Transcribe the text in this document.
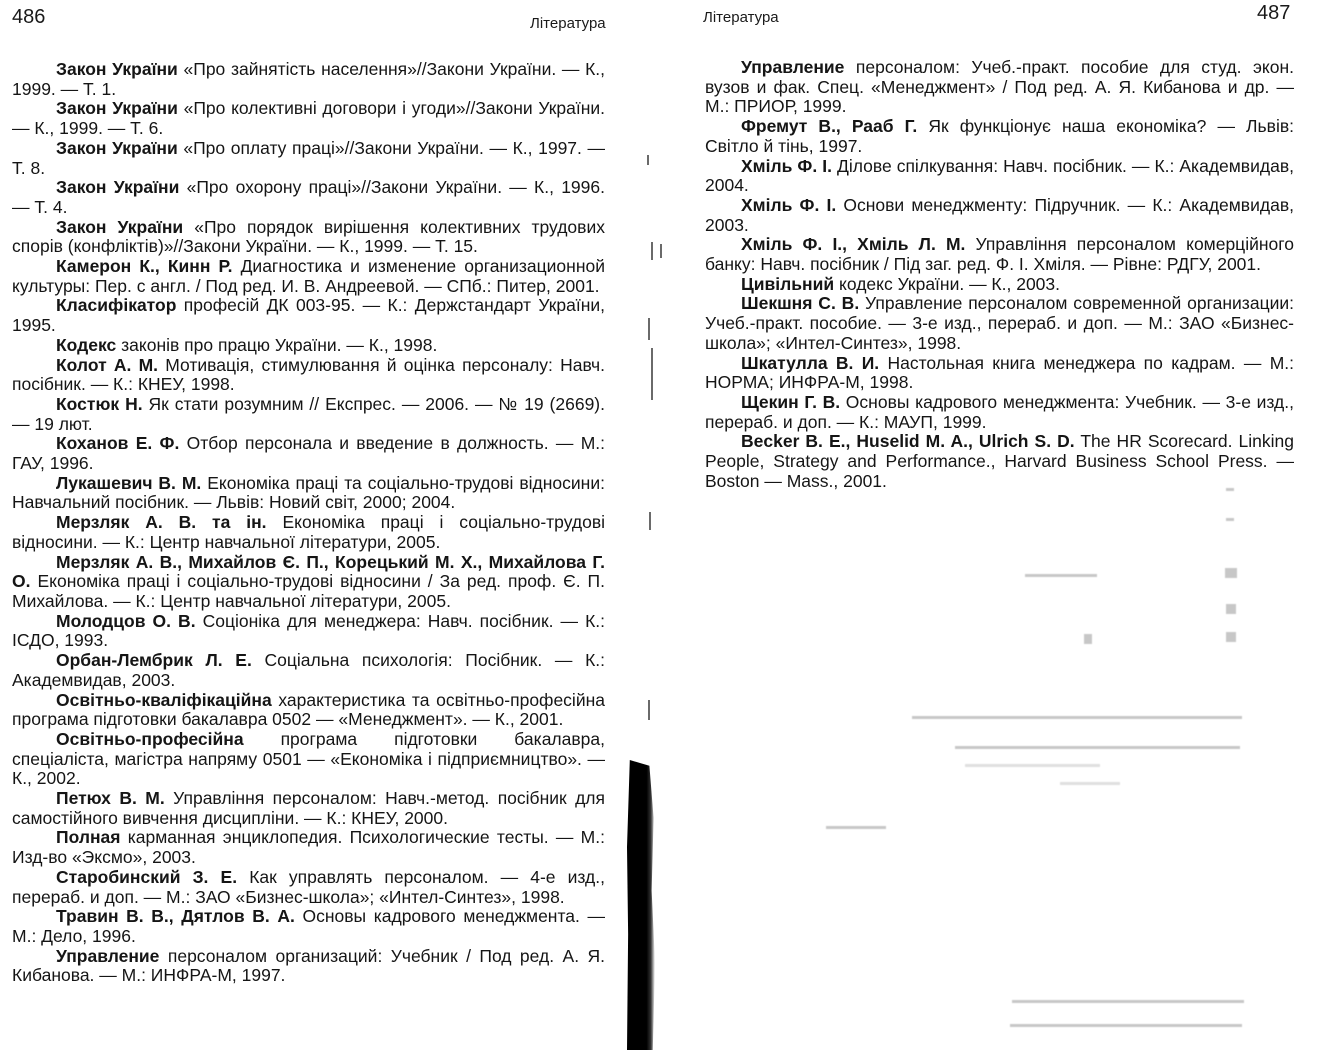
486	Література

Закон України «Про зайнятість населення»//Закони України. — К., 1999. — Т. 1.

Закон України «Про колективні договори і угоди»//Закони України. — К., 1999. — Т. 6.

Закон України «Про оплату праці»//Закони України. — К., 1997. — Т. 8.

Закон України «Про охорону праці»//Закони України. — К., 1996. — Т. 4.

Закон України «Про порядок вирішення колективних трудових спорів (конфліктів)»//Закони України. — К., 1999. — Т. 15.

Камерон К., Кинн Р. Диагностика и изменение организационной культуры: Пер. с англ. / Под ред. И. В. Андреевой. — СПб.: Питер, 2001.

Класифікатор професій ДК 003-95. — К.: Держстандарт України, 1995.

Кодекс законів про працю України. — К., 1998.

Колот А. М. Мотивація, стимулювання й оцінка персоналу: Навч. посібник. — К.: КНЕУ, 1998.

Костюк Н. Як стати розумним // Експрес. — 2006. — № 19 (2669). — 19 лют.

Коханов Е. Ф. Отбор персонала и введение в должность. — М.: ГАУ, 1996.

Лукашевич В. М. Економіка праці та соціально-трудові відносини: Навчальний посібник. — Львів: Новий світ, 2000; 2004.

Мерзляк А. В. та ін. Економіка праці і соціально-трудові відносини. — К.: Центр навчальної літератури, 2005.

Мерзляк А. В., Михайлов Є. П., Корецький М. Х., Михайлова Г. О. Економіка праці і соціально-трудові відносини / За ред. проф. Є. П. Михайлова. — К.: Центр навчальної літератури, 2005.

Молодцов О. В. Соціоніка для менеджера: Навч. посібник. — К.: ІСДО, 1993.

Орбан-Лембрик Л. Е. Соціальна психологія: Посібник. — К.: Академвидав, 2003.

Освітньо-кваліфікаційна характеристика та освітньо-професійна програма підготовки бакалавра 0502 — «Менеджмент». — К., 2001.

Освітньо-професійна програма підготовки бакалавра, спеціаліста, магістра напряму 0501 — «Економіка і підприємництво». — К., 2002.

Петюх В. М. Управління персоналом: Навч.-метод. посібник для самостійного вивчення дисципліни. — К.: КНЕУ, 2000.

Полная карманная энциклопедия. Психологические тесты. — М.: Изд-во «Эксмо», 2003.

Старобинский З. Е. Как управлять персоналом. — 4-е изд., перераб. и доп. — М.: ЗАО «Бизнес-школа»; «Интел-Синтез», 1998.

Травин В. В., Дятлов В. А. Основы кадрового менеджмента. — М.: Дело, 1996.

Управление персоналом организаций: Учебник / Под ред. А. Я. Кибанова. — М.: ИНФРА-М, 1997.

Література	487

Управление персоналом: Учеб.-практ. пособие для студ. экон. вузов и фак. Спец. «Менеджмент» / Под ред. А. Я. Кибанова и др. — М.: ПРИОР, 1999.

Фремут В., Рааб Г. Як функціонує наша економіка? — Львів: Світло й тінь, 1997.

Хміль Ф. І. Ділове спілкування: Навч. посібник. — К.: Академвидав, 2004.

Хміль Ф. І. Основи менеджменту: Підручник. — К.: Академвидав, 2003.

Хміль Ф. І., Хміль Л. М. Управління персоналом комерційного банку: Навч. посібник / Під заг. ред. Ф. І. Хміля. — Рівне: РДГУ, 2001.

Цивільний кодекс України. — К., 2003.

Шекшня С. В. Управление персоналом современной организации: Учеб.-практ. пособие. — 3-е изд., перераб. и доп. — М.: ЗАО «Бизнес-школа»; «Интел-Синтез», 1998.

Шкатулла В. И. Настольная книга менеджера по кадрам. — М.: НОРМА; ИНФРА-М, 1998.

Щекин Г. В. Основы кадрового менеджмента: Учебник. — 3-е изд., перераб. и доп. — К.: МАУП, 1999.

Becker B. E., Huselid M. A., Ulrich S. D. The HR Scorecard. Linking People, Strategy and Performance., Harvard Business School Press. — Boston — Mass., 2001.
